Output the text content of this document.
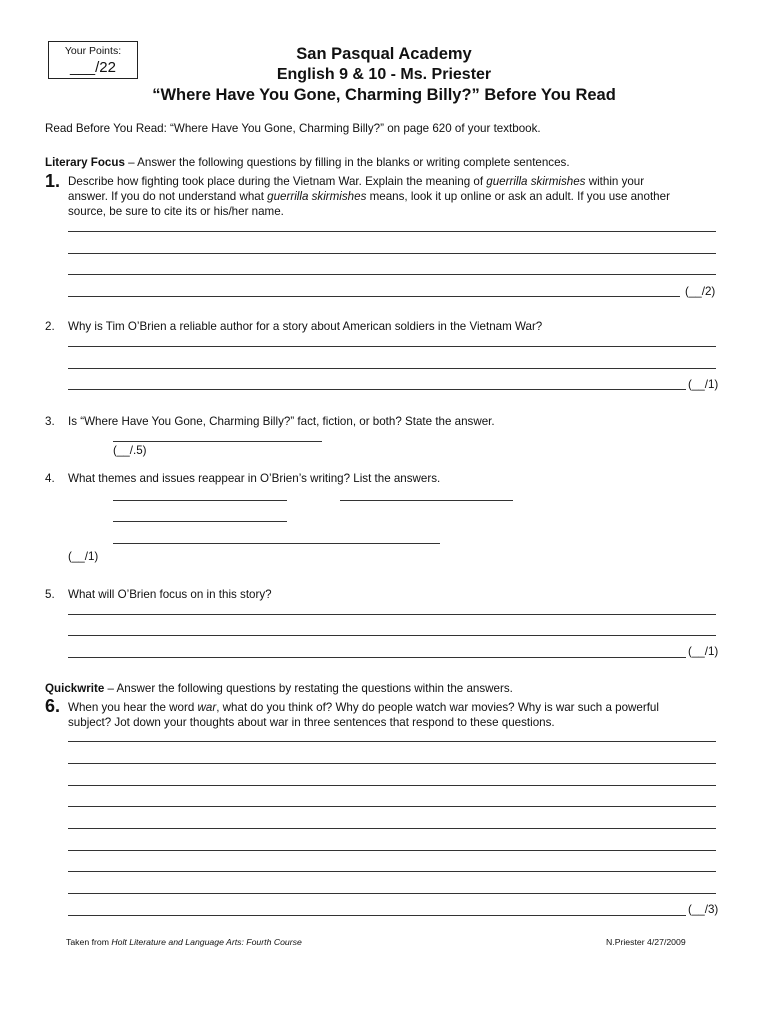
Your Points:
___/22
San Pasqual Academy
English 9 & 10 - Ms. Priester
“Where Have You Gone, Charming Billy?” Before You Read
Read Before You Read: “Where Have You Gone, Charming Billy?” on page 620 of your textbook.
Literary Focus – Answer the following questions by filling in the blanks or writing complete sentences.
1. Describe how fighting took place during the Vietnam War. Explain the meaning of guerrilla skirmishes within your
answer. If you do not understand what guerrilla skirmishes means, look it up online or ask an adult. If you use another
source, be sure to cite its or his/her name.
(__/2)
2. Why is Tim O’Brien a reliable author for a story about American soldiers in the Vietnam War?
(__/1)
3. Is “Where Have You Gone, Charming Billy?” fact, fiction, or both? State the answer.
(__/.5)
4. What themes and issues reappear in O’Brien’s writing? List the answers.
(__/1)
5. What will O’Brien focus on in this story?
(__/1)
Quickwrite – Answer the following questions by restating the questions within the answers.
6. When you hear the word war, what do you think of? Why do people watch war movies? Why is war such a powerful
subject? Jot down your thoughts about war in three sentences that respond to these questions.
(__/3)
Taken from Holt Literature and Language Arts: Fourth Course	N.Priester 4/27/2009
